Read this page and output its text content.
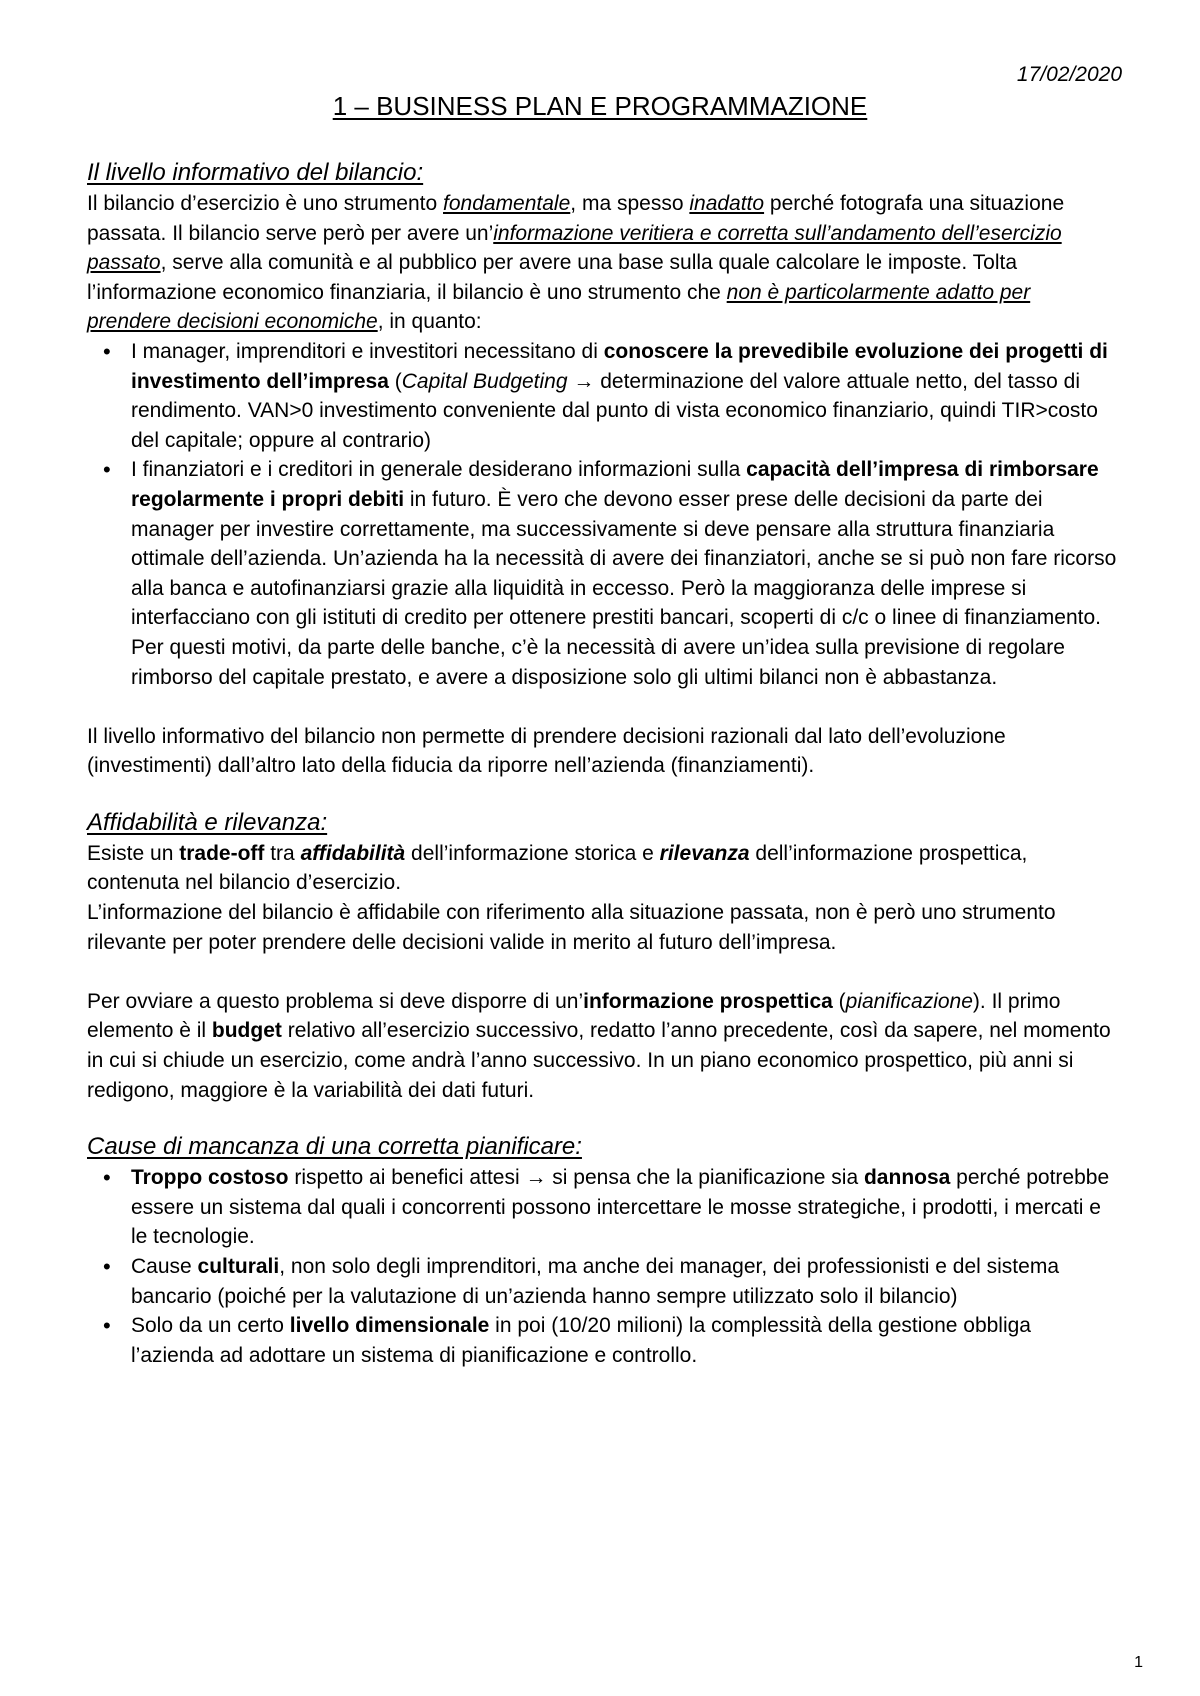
17/02/2020
1 – BUSINESS PLAN E PROGRAMMAZIONE
Il livello informativo del bilancio:

Il bilancio d’esercizio è uno strumento fondamentale, ma spesso inadatto perché fotografa una situazione passata. Il bilancio serve però per avere un’informazione veritiera e corretta sull’andamento dell’esercizio passato, serve alla comunità e al pubblico per avere una base sulla quale calcolare le imposte. Tolta l’informazione economico finanziaria, il bilancio è uno strumento che non è particolarmente adatto per prendere decisioni economiche, in quanto:

• I manager, imprenditori e investitori necessitano di conoscere la prevedibile evoluzione dei progetti di investimento dell’impresa (Capital Budgeting → determinazione del valore attuale netto, del tasso di rendimento. VAN>0 investimento conveniente dal punto di vista economico finanziario, quindi TIR>costo del capitale; oppure al contrario)
• I finanziatori e i creditori in generale desiderano informazioni sulla capacità dell’impresa di rimborsare regolarmente i propri debiti in futuro. È vero che devono esser prese delle decisioni da parte dei manager per investire correttamente, ma successivamente si deve pensare alla struttura finanziaria ottimale dell’azienda. Un’azienda ha la necessità di avere dei finanziatori, anche se si può non fare ricorso alla banca e autofinanziarsi grazie alla liquidità in eccesso. Però la maggioranza delle imprese si interfacciano con gli istituti di credito per ottenere prestiti bancari, scoperti di c/c o linee di finanziamento. Per questi motivi, da parte delle banche, c’è la necessità di avere un’idea sulla previsione di regolare rimborso del capitale prestato, e avere a disposizione solo gli ultimi bilanci non è abbastanza.

Il livello informativo del bilancio non permette di prendere decisioni razionali dal lato dell’evoluzione (investimenti) dall’altro lato della fiducia da riporre nell’azienda (finanziamenti).

Affidabilità e rilevanza:

Esiste un trade-off tra affidabilità dell’informazione storica e rilevanza dell’informazione prospettica, contenuta nel bilancio d’esercizio.

L’informazione del bilancio è affidabile con riferimento alla situazione passata, non è però uno strumento rilevante per poter prendere delle decisioni valide in merito al futuro dell’impresa.

Per ovviare a questo problema si deve disporre di un’informazione prospettica (pianificazione). Il primo elemento è il budget relativo all’esercizio successivo, redatto l’anno precedente, così da sapere, nel momento in cui si chiude un esercizio, come andrà l’anno successivo. In un piano economico prospettico, più anni si redigono, maggiore è la variabilità dei dati futuri.

Cause di mancanza di una corretta pianificare:
• Troppo costoso rispetto ai benefici attesi → si pensa che la pianificazione sia dannosa perché potrebbe essere un sistema dal quali i concorrenti possono intercettare le mosse strategiche, i prodotti, i mercati e le tecnologie.
• Cause culturali, non solo degli imprenditori, ma anche dei manager, dei professionisti e del sistema bancario (poiché per la valutazione di un’azienda hanno sempre utilizzato solo il bilancio)
• Solo da un certo livello dimensionale in poi (10/20 milioni) la complessità della gestione obbliga l’azienda ad adottare un sistema di pianificazione e controllo.
1
